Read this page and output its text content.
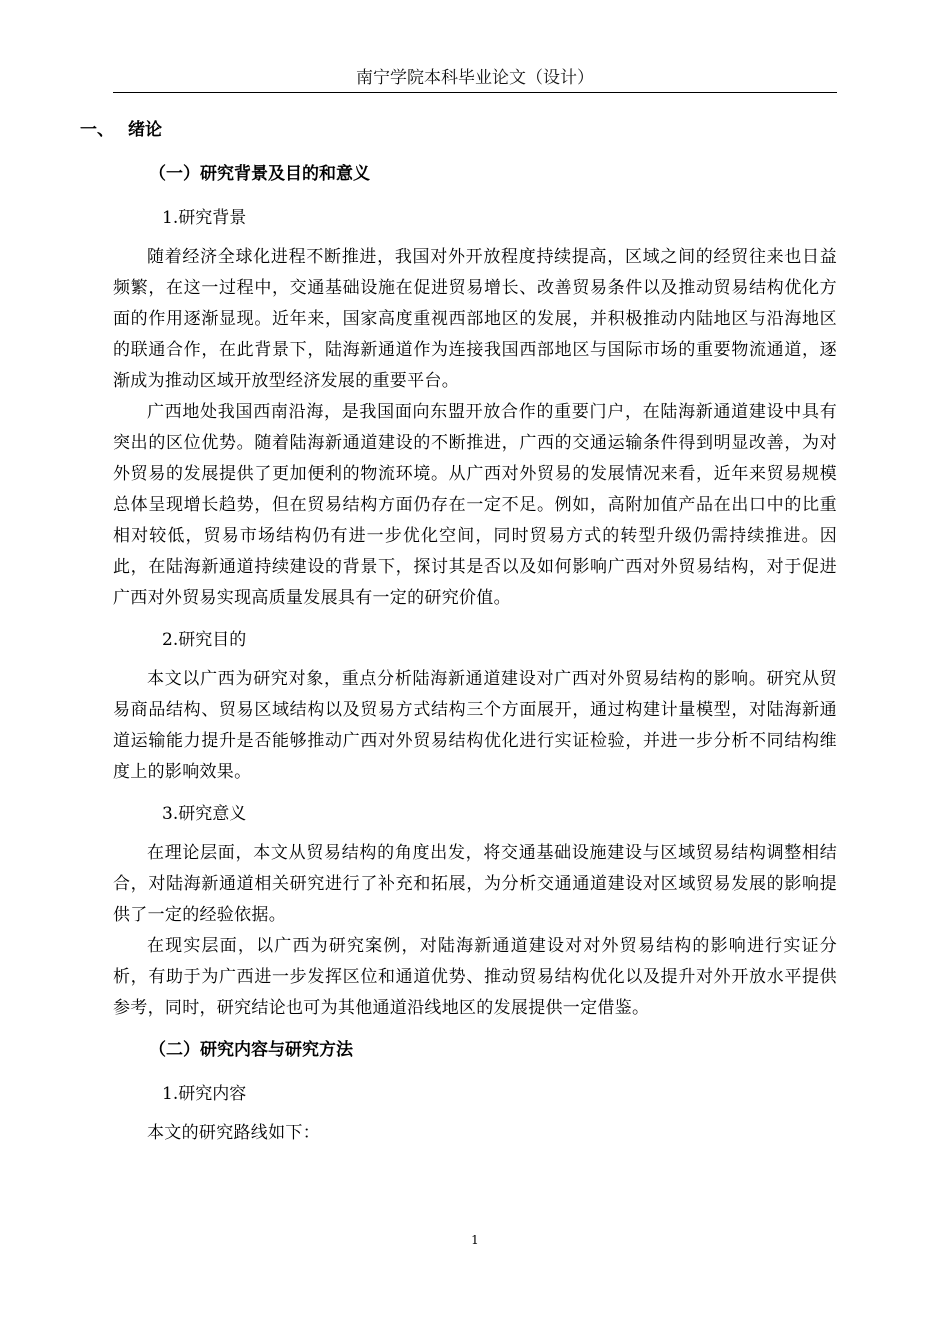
南宁学院本科毕业论文（设计）
一、 绪论
（一）研究背景及目的和意义
1.研究背景

随着经济全球化进程不断推进，我国对外开放程度持续提高，区域之间的经贸往来也日益频繁，在这一过程中，交通基础设施在促进贸易增长、改善贸易条件以及推动贸易结构优化方面的作用逐渐显现。近年来，国家高度重视西部地区的发展，并积极推动内陆地区与沿海地区的联通合作，在此背景下，陆海新通道作为连接我国西部地区与国际市场的重要物流通道，逐渐成为推动区域开放型经济发展的重要平台。

广西地处我国西南沿海，是我国面向东盟开放合作的重要门户，在陆海新通道建设中具有突出的区位优势。随着陆海新通道建设的不断推进，广西的交通运输条件得到明显改善，为对外贸易的发展提供了更加便利的物流环境。从广西对外贸易的发展情况来看，近年来贸易规模总体呈现增长趋势，但在贸易结构方面仍存在一定不足。例如，高附加值产品在出口中的比重相对较低，贸易市场结构仍有进一步优化空间，同时贸易方式的转型升级仍需持续推进。因此，在陆海新通道持续建设的背景下，探讨其是否以及如何影响广西对外贸易结构，对于促进广西对外贸易实现高质量发展具有一定的研究价值。

2.研究目的

本文以广西为研究对象，重点分析陆海新通道建设对广西对外贸易结构的影响。研究从贸易商品结构、贸易区域结构以及贸易方式结构三个方面展开，通过构建计量模型，对陆海新通道运输能力提升是否能够推动广西对外贸易结构优化进行实证检验，并进一步分析不同结构维度上的影响效果。

3.研究意义

在理论层面，本文从贸易结构的角度出发，将交通基础设施建设与区域贸易结构调整相结合，对陆海新通道相关研究进行了补充和拓展，为分析交通通道建设对区域贸易发展的影响提供了一定的经验依据。

在现实层面，以广西为研究案例，对陆海新通道建设对对外贸易结构的影响进行实证分析，有助于为广西进一步发挥区位和通道优势、推动贸易结构优化以及提升对外开放水平提供参考，同时，研究结论也可为其他通道沿线地区的发展提供一定借鉴。

（二）研究内容与研究方法
1.研究内容

本文的研究路线如下：

1
